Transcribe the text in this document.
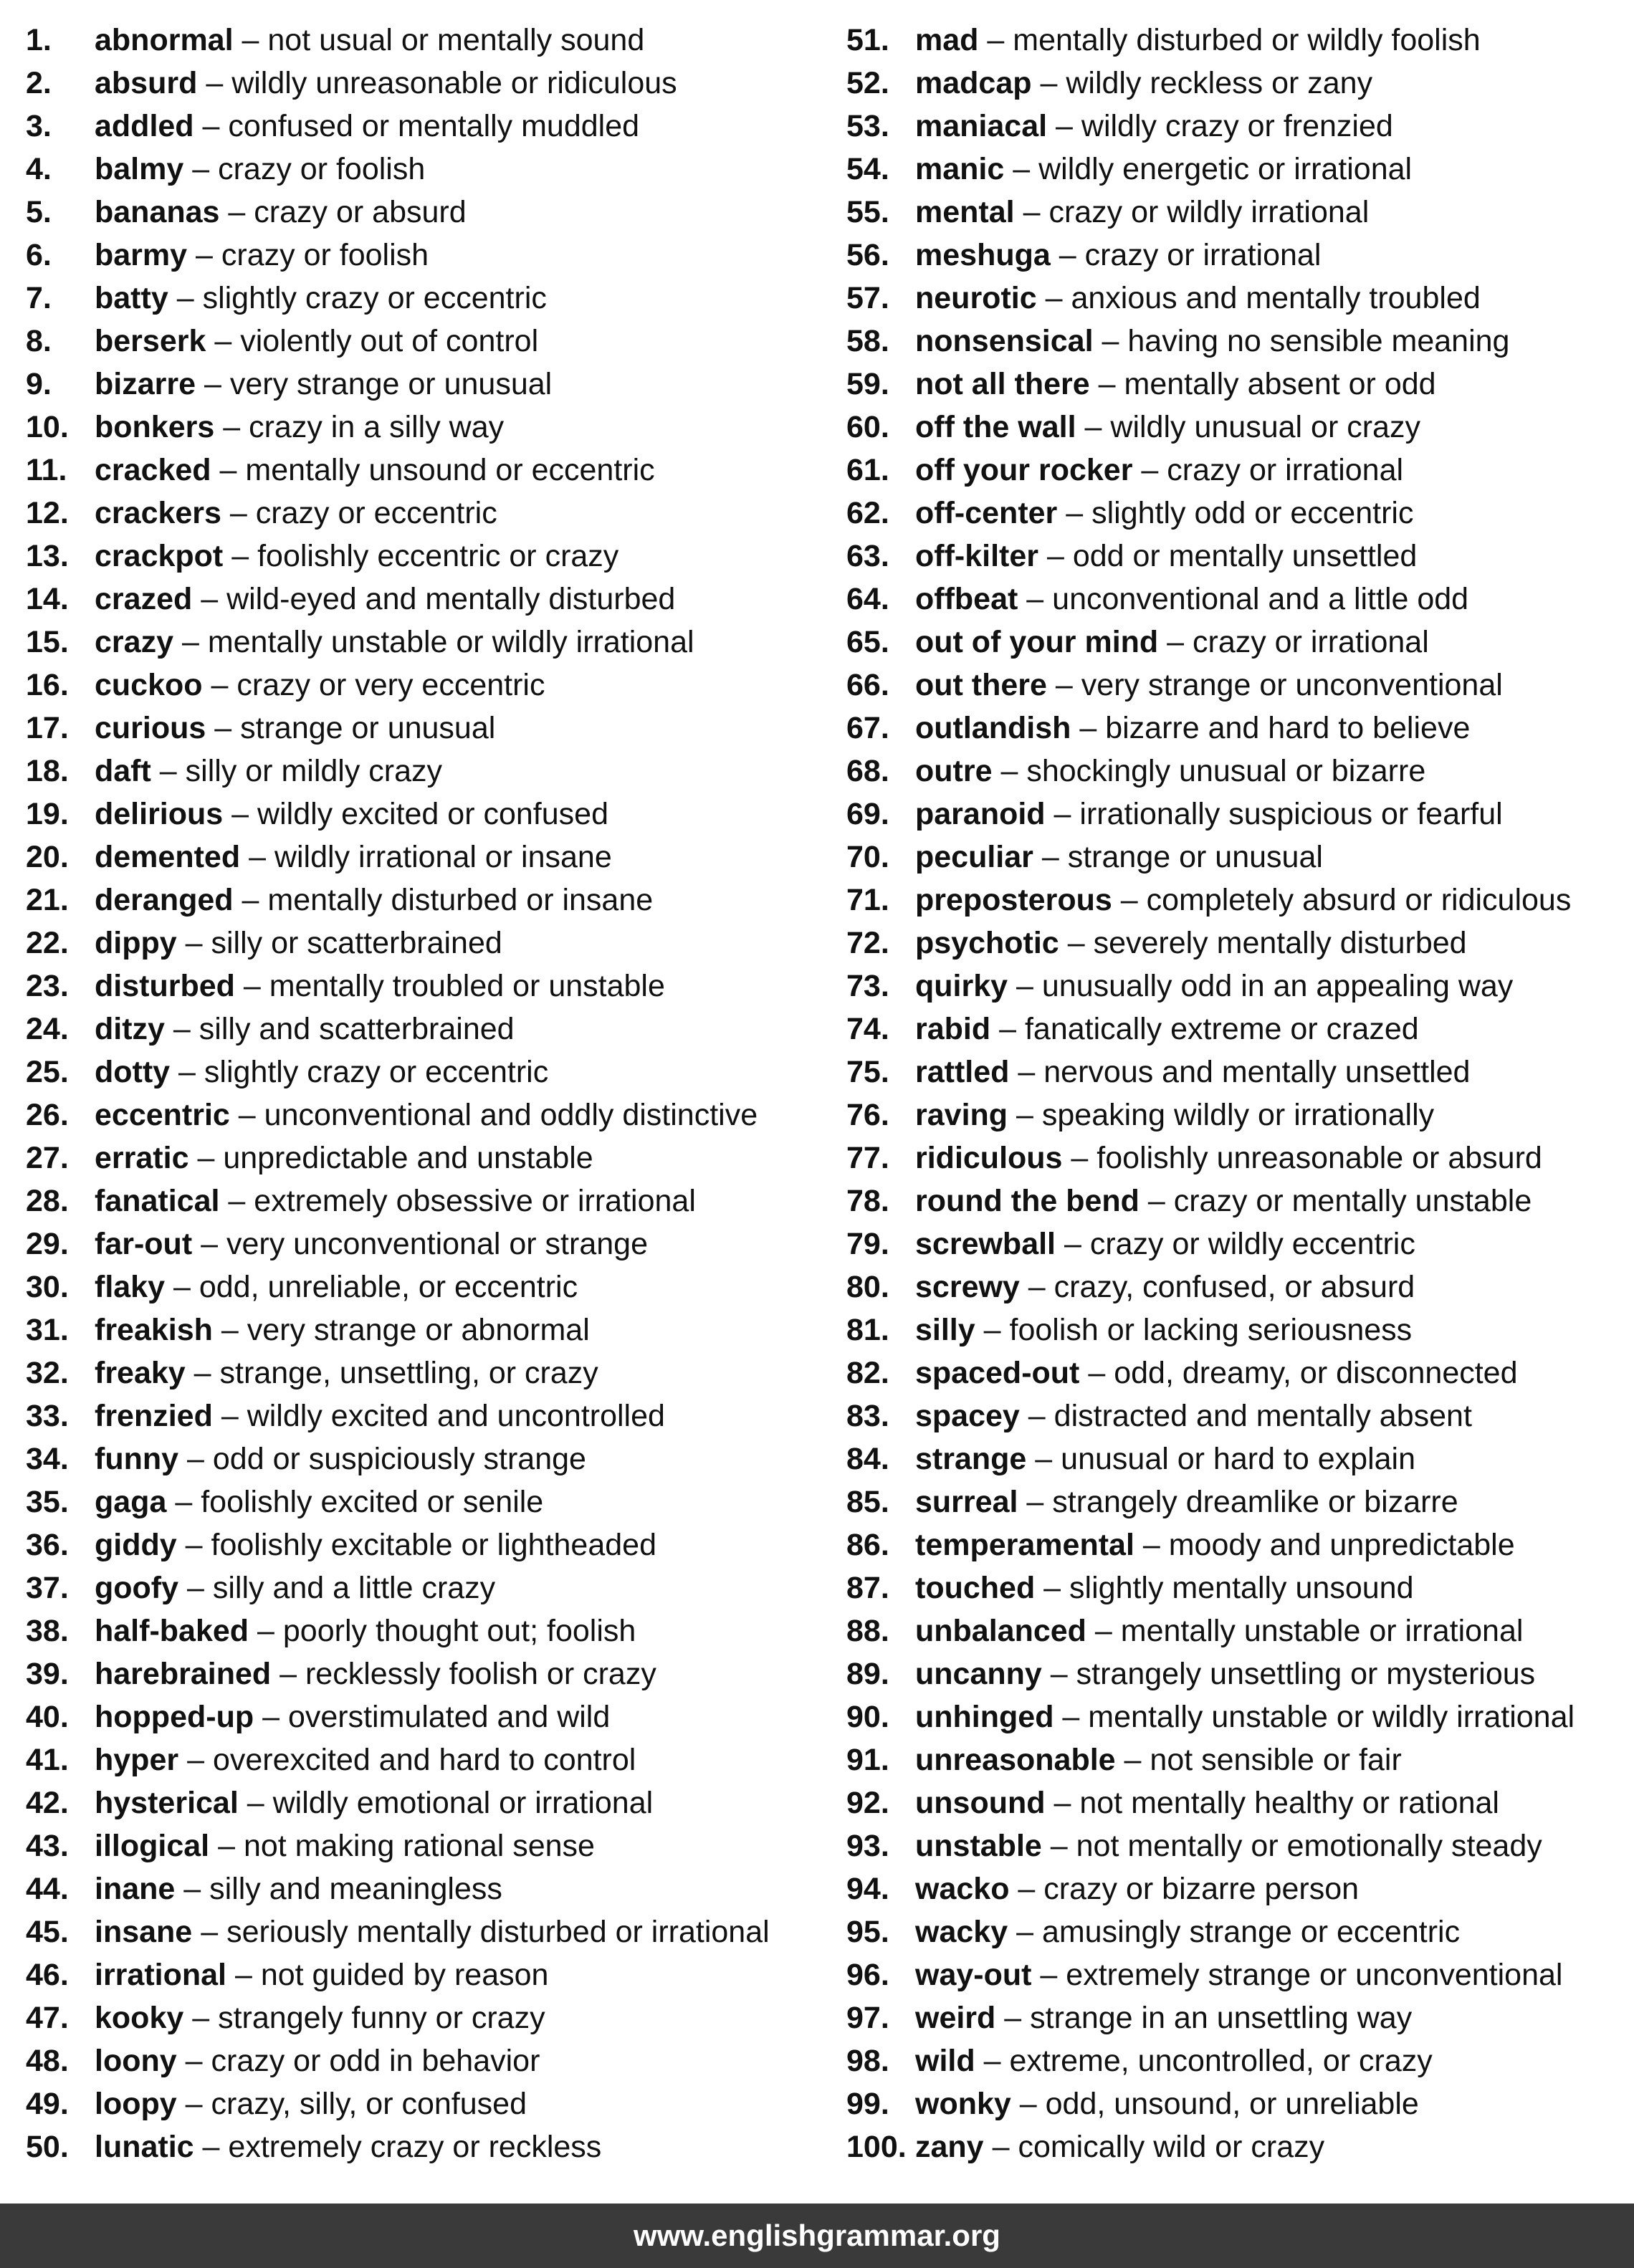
1. abnormal – not usual or mentally sound
2. absurd – wildly unreasonable or ridiculous
3. addled – confused or mentally muddled
4. balmy – crazy or foolish
5. bananas – crazy or absurd
6. barmy – crazy or foolish
7. batty – slightly crazy or eccentric
8. berserk – violently out of control
9. bizarre – very strange or unusual
10. bonkers – crazy in a silly way
11. cracked – mentally unsound or eccentric
12. crackers – crazy or eccentric
13. crackpot – foolishly eccentric or crazy
14. crazed – wild-eyed and mentally disturbed
15. crazy – mentally unstable or wildly irrational
16. cuckoo – crazy or very eccentric
17. curious – strange or unusual
18. daft – silly or mildly crazy
19. delirious – wildly excited or confused
20. demented – wildly irrational or insane
21. deranged – mentally disturbed or insane
22. dippy – silly or scatterbrained
23. disturbed – mentally troubled or unstable
24. ditzy – silly and scatterbrained
25. dotty – slightly crazy or eccentric
26. eccentric – unconventional and oddly distinctive
27. erratic – unpredictable and unstable
28. fanatical – extremely obsessive or irrational
29. far-out – very unconventional or strange
30. flaky – odd, unreliable, or eccentric
31. freakish – very strange or abnormal
32. freaky – strange, unsettling, or crazy
33. frenzied – wildly excited and uncontrolled
34. funny – odd or suspiciously strange
35. gaga – foolishly excited or senile
36. giddy – foolishly excitable or lightheaded
37. goofy – silly and a little crazy
38. half-baked – poorly thought out; foolish
39. harebrained – recklessly foolish or crazy
40. hopped-up – overstimulated and wild
41. hyper – overexcited and hard to control
42. hysterical – wildly emotional or irrational
43. illogical – not making rational sense
44. inane – silly and meaningless
45. insane – seriously mentally disturbed or irrational
46. irrational – not guided by reason
47. kooky – strangely funny or crazy
48. loony – crazy or odd in behavior
49. loopy – crazy, silly, or confused
50. lunatic – extremely crazy or reckless
51. mad – mentally disturbed or wildly foolish
52. madcap – wildly reckless or zany
53. maniacal – wildly crazy or frenzied
54. manic – wildly energetic or irrational
55. mental – crazy or wildly irrational
56. meshuga – crazy or irrational
57. neurotic – anxious and mentally troubled
58. nonsensical – having no sensible meaning
59. not all there – mentally absent or odd
60. off the wall – wildly unusual or crazy
61. off your rocker – crazy or irrational
62. off-center – slightly odd or eccentric
63. off-kilter – odd or mentally unsettled
64. offbeat – unconventional and a little odd
65. out of your mind – crazy or irrational
66. out there – very strange or unconventional
67. outlandish – bizarre and hard to believe
68. outre – shockingly unusual or bizarre
69. paranoid – irrationally suspicious or fearful
70. peculiar – strange or unusual
71. preposterous – completely absurd or ridiculous
72. psychotic – severely mentally disturbed
73. quirky – unusually odd in an appealing way
74. rabid – fanatically extreme or crazed
75. rattled – nervous and mentally unsettled
76. raving – speaking wildly or irrationally
77. ridiculous – foolishly unreasonable or absurd
78. round the bend – crazy or mentally unstable
79. screwball – crazy or wildly eccentric
80. screwy – crazy, confused, or absurd
81. silly – foolish or lacking seriousness
82. spaced-out – odd, dreamy, or disconnected
83. spacey – distracted and mentally absent
84. strange – unusual or hard to explain
85. surreal – strangely dreamlike or bizarre
86. temperamental – moody and unpredictable
87. touched – slightly mentally unsound
88. unbalanced – mentally unstable or irrational
89. uncanny – strangely unsettling or mysterious
90. unhinged – mentally unstable or wildly irrational
91. unreasonable – not sensible or fair
92. unsound – not mentally healthy or rational
93. unstable – not mentally or emotionally steady
94. wacko – crazy or bizarre person
95. wacky – amusingly strange or eccentric
96. way-out – extremely strange or unconventional
97. weird – strange in an unsettling way
98. wild – extreme, uncontrolled, or crazy
99. wonky – odd, unsound, or unreliable
100. zany – comically wild or crazy
www.englishgrammar.org
